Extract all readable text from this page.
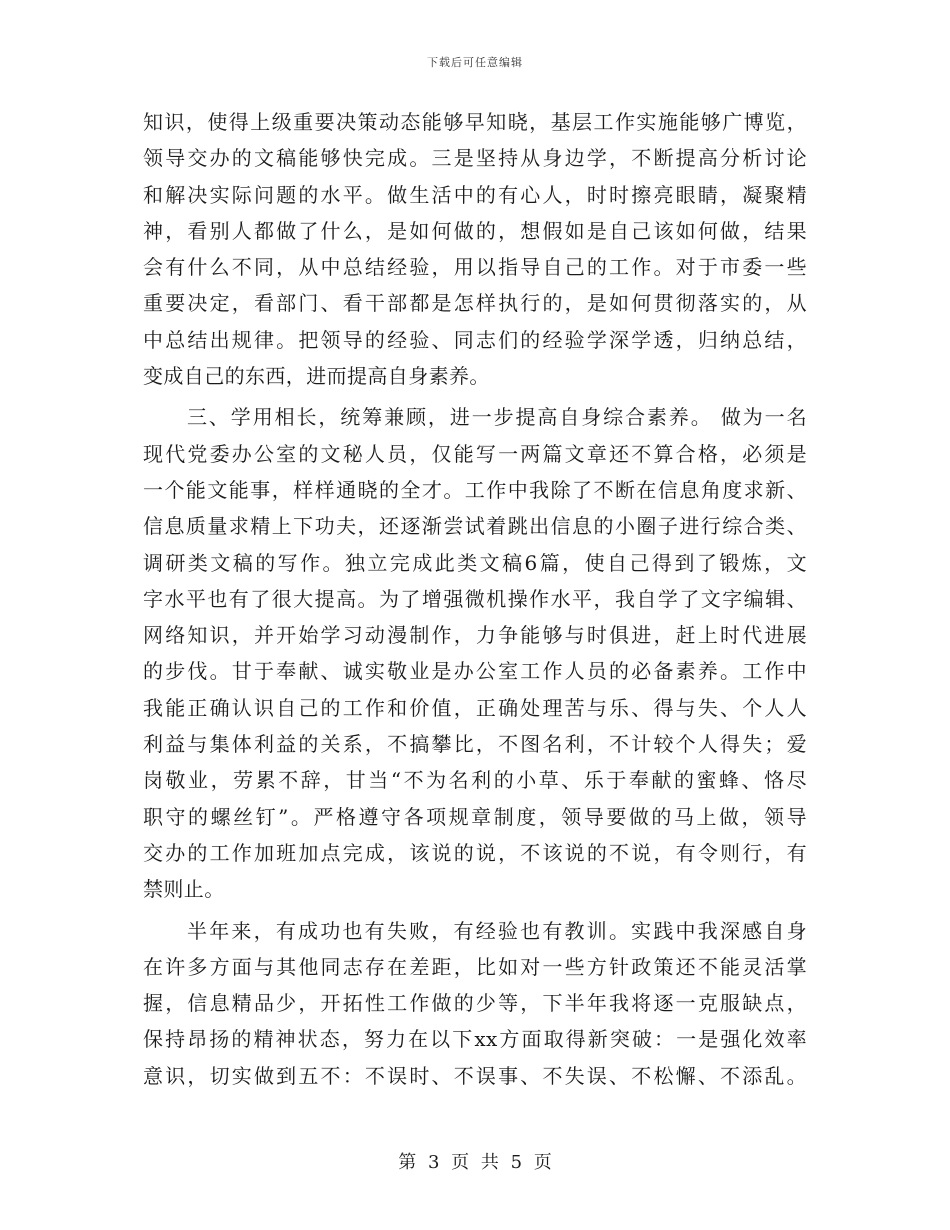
下载后可任意编辑
知识，使得上级重要决策动态能够早知晓，基层工作实施能够广博览，
领导交办的文稿能够快完成。三是坚持从身边学，不断提高分析讨论
和解决实际问题的水平。做生活中的有心人，时时擦亮眼睛，凝聚精
神，看别人都做了什么，是如何做的，想假如是自己该如何做，结果
会有什么不同，从中总结经验，用以指导自己的工作。对于市委一些
重要决定，看部门、看干部都是怎样执行的，是如何贯彻落实的，从
中总结出规律。把领导的经验、同志们的经验学深学透，归纳总结，
变成自己的东西，进而提高自身素养。
三、学用相长，统筹兼顾，进一步提高自身综合素养。 做为一名
现代党委办公室的文秘人员，仅能写一两篇文章还不算合格，必须是
一个能文能事，样样通晓的全才。工作中我除了不断在信息角度求新、
信息质量求精上下功夫，还逐渐尝试着跳出信息的小圈子进行综合类、
调研类文稿的写作。独立完成此类文稿6篇，使自己得到了锻炼，文
字水平也有了很大提高。为了增强微机操作水平，我自学了文字编辑、
网络知识，并开始学习动漫制作，力争能够与时俱进，赶上时代进展
的步伐。甘于奉献、诚实敬业是办公室工作人员的必备素养。工作中
我能正确认识自己的工作和价值，正确处理苦与乐、得与失、个人人
利益与集体利益的关系，不搞攀比，不图名利，不计较个人得失；爱
岗敬业，劳累不辞，甘当“不为名利的小草、乐于奉献的蜜蜂、恪尽
职守的螺丝钉”。严格遵守各项规章制度，领导要做的马上做，领导
交办的工作加班加点完成，该说的说，不该说的不说，有令则行，有
禁则止。
半年来，有成功也有失败，有经验也有教训。实践中我深感自身
在许多方面与其他同志存在差距，比如对一些方针政策还不能灵活掌
握，信息精品少，开拓性工作做的少等，下半年我将逐一克服缺点，
保持昂扬的精神状态，努力在以下xx方面取得新突破：一是强化效率
意识，切实做到五不：不误时、不误事、不失误、不松懈、不添乱。
第 3 页 共 5 页
